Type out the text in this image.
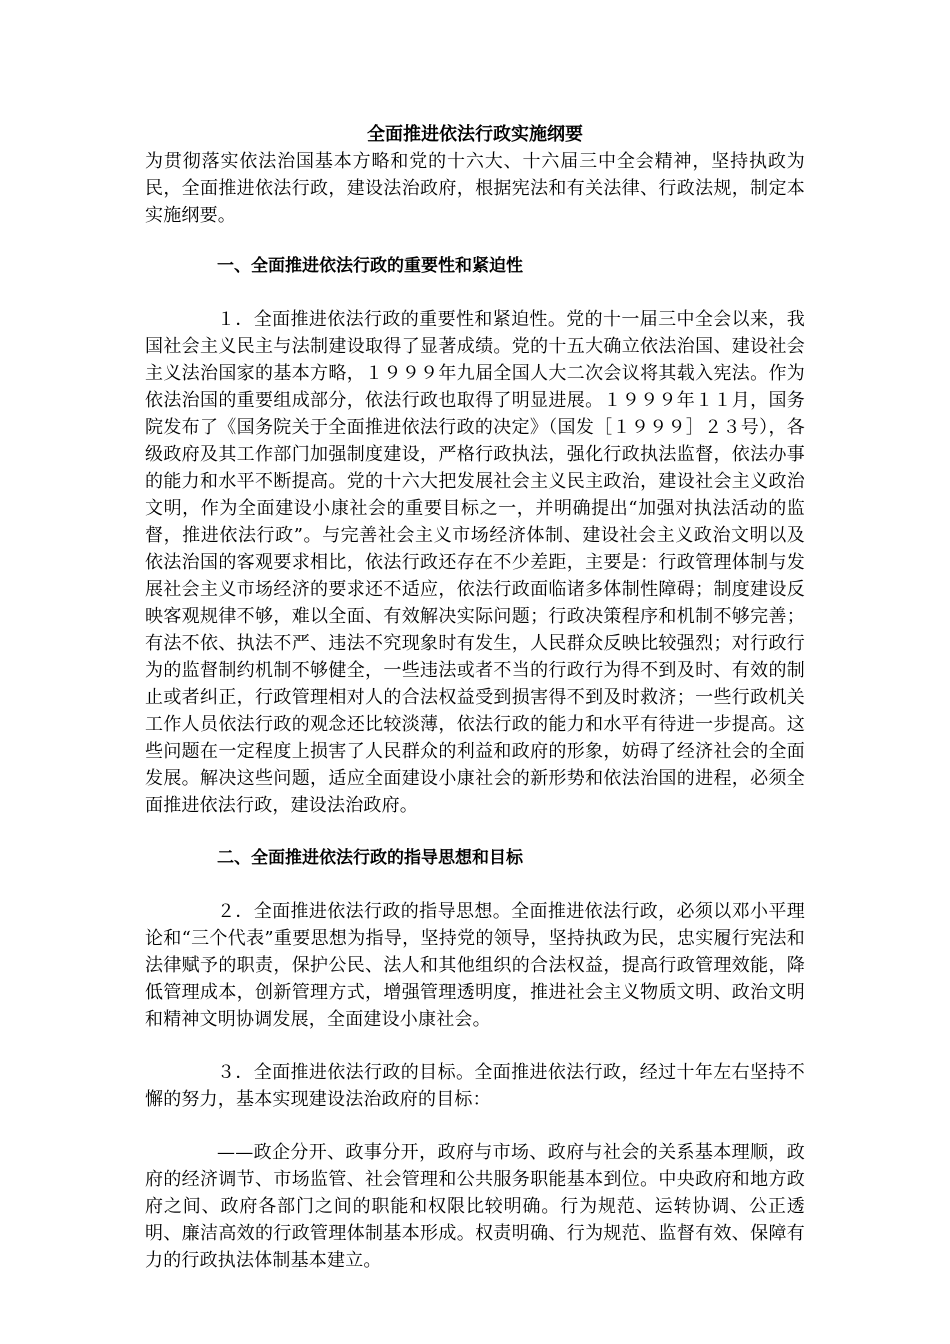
全面推进依法行政实施纲要

为贯彻落实依法治国基本方略和党的十六大、十六届三中全会精神，坚持执政为民，全面推进依法行政，建设法治政府，根据宪法和有关法律、行政法规，制定本实施纲要。

一、全面推进依法行政的重要性和紧迫性

１．全面推进依法行政的重要性和紧迫性。党的十一届三中全会以来，我国社会主义民主与法制建设取得了显著成绩。党的十五大确立依法治国、建设社会主义法治国家的基本方略，１９９９年九届全国人大二次会议将其载入宪法。作为依法治国的重要组成部分，依法行政也取得了明显进展。１９９９年１１月，国务院发布了《国务院关于全面推进依法行政的决定》（国发［１９９９］２３号），各级政府及其工作部门加强制度建设，严格行政执法，强化行政执法监督，依法办事的能力和水平不断提高。党的十六大把发展社会主义民主政治，建设社会主义政治文明，作为全面建设小康社会的重要目标之一，并明确提出“加强对执法活动的监督，推进依法行政”。与完善社会主义市场经济体制、建设社会主义政治文明以及依法治国的客观要求相比，依法行政还存在不少差距，主要是：行政管理体制与发展社会主义市场经济的要求还不适应，依法行政面临诸多体制性障碍；制度建设反映客观规律不够，难以全面、有效解决实际问题；行政决策程序和机制不够完善；有法不依、执法不严、违法不究现象时有发生，人民群众反映比较强烈；对行政行为的监督制约机制不够健全，一些违法或者不当的行政行为得不到及时、有效的制止或者纠正，行政管理相对人的合法权益受到损害得不到及时救济；一些行政机关工作人员依法行政的观念还比较淡薄，依法行政的能力和水平有待进一步提高。这些问题在一定程度上损害了人民群众的利益和政府的形象，妨碍了经济社会的全面发展。解决这些问题，适应全面建设小康社会的新形势和依法治国的进程，必须全面推进依法行政，建设法治政府。

二、全面推进依法行政的指导思想和目标

２．全面推进依法行政的指导思想。全面推进依法行政，必须以邓小平理论和“三个代表”重要思想为指导，坚持党的领导，坚持执政为民，忠实履行宪法和法律赋予的职责，保护公民、法人和其他组织的合法权益，提高行政管理效能，降低管理成本，创新管理方式，增强管理透明度，推进社会主义物质文明、政治文明和精神文明协调发展，全面建设小康社会。

３．全面推进依法行政的目标。全面推进依法行政，经过十年左右坚持不懈的努力，基本实现建设法治政府的目标：

——政企分开、政事分开，政府与市场、政府与社会的关系基本理顺，政府的经济调节、市场监管、社会管理和公共服务职能基本到位。中央政府和地方政府之间、政府各部门之间的职能和权限比较明确。行为规范、运转协调、公正透明、廉洁高效的行政管理体制基本形成。权责明确、行为规范、监督有效、保障有力的行政执法体制基本建立。
